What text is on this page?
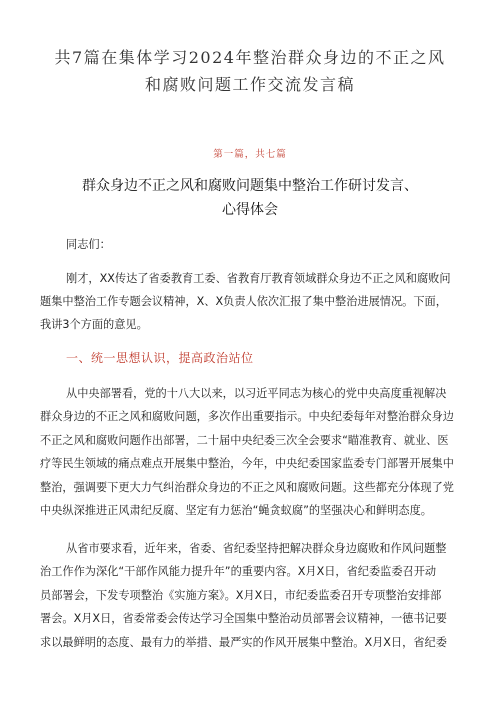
共7篇在集体学习2024年整治群众身边的不正之风
和腐败问题工作交流发言稿
第一篇，共七篇
群众身边不正之风和腐败问题集中整治工作研讨发言、
心得体会
同志们：
刚才，XX传达了省委教育工委、省教育厅教育领域群众身边不正之风和腐败问
题集中整治工作专题会议精神，X、X负责人依次汇报了集中整治进展情况。下面，
我讲3个方面的意见。
一、统一思想认识，提高政治站位
从中央部署看，党的十八大以来，以习近平同志为核心的党中央高度重视解决
群众身边的不正之风和腐败问题，多次作出重要指示。中央纪委每年对整治群众身边
不正之风和腐败问题作出部署，二十届中央纪委三次全会要求“瞄准教育、就业、医
疗等民生领域的痛点难点开展集中整治，今年，中央纪委国家监委专门部署开展集中
整治，强调要下更大力气纠治群众身边的不正之风和腐败问题。这些都充分体现了党
中央纵深推进正风肃纪反腐、坚定有力惩治“蝇贪蚁腐”的坚强决心和鲜明态度。
从省市要求看，近年来，省委、省纪委坚持把解决群众身边腐败和作风问题整
治工作作为深化“干部作风能力提升年”的重要内容。X月X日，省纪委监委召开动
员部署会，下发专项整治《实施方案》。X月X日，市纪委监委召开专项整治安排部
署会。X月X日，省委常委会传达学习全国集中整治动员部署会议精神，一德书记要
求以最鲜明的态度、最有力的举措、最严实的作风开展集中整治。X月X日，省纪委
